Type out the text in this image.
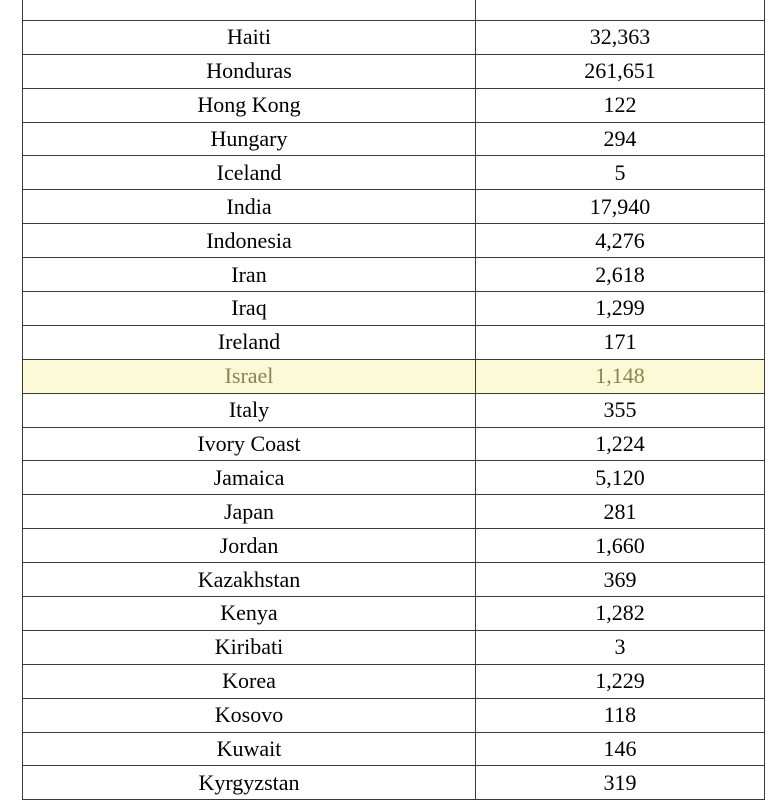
Haiti	32,363
Honduras	261,651
Hong Kong	122
Hungary	294
Iceland	5
India	17,940
Indonesia	4,276
Iran	2,618
Iraq	1,299
Ireland	171
Israel	1,148
Italy	355
Ivory Coast	1,224
Jamaica	5,120
Japan	281
Jordan	1,660
Kazakhstan	369
Kenya	1,282
Kiribati	3
Korea	1,229
Kosovo	118
Kuwait	146
Kyrgyzstan	319
